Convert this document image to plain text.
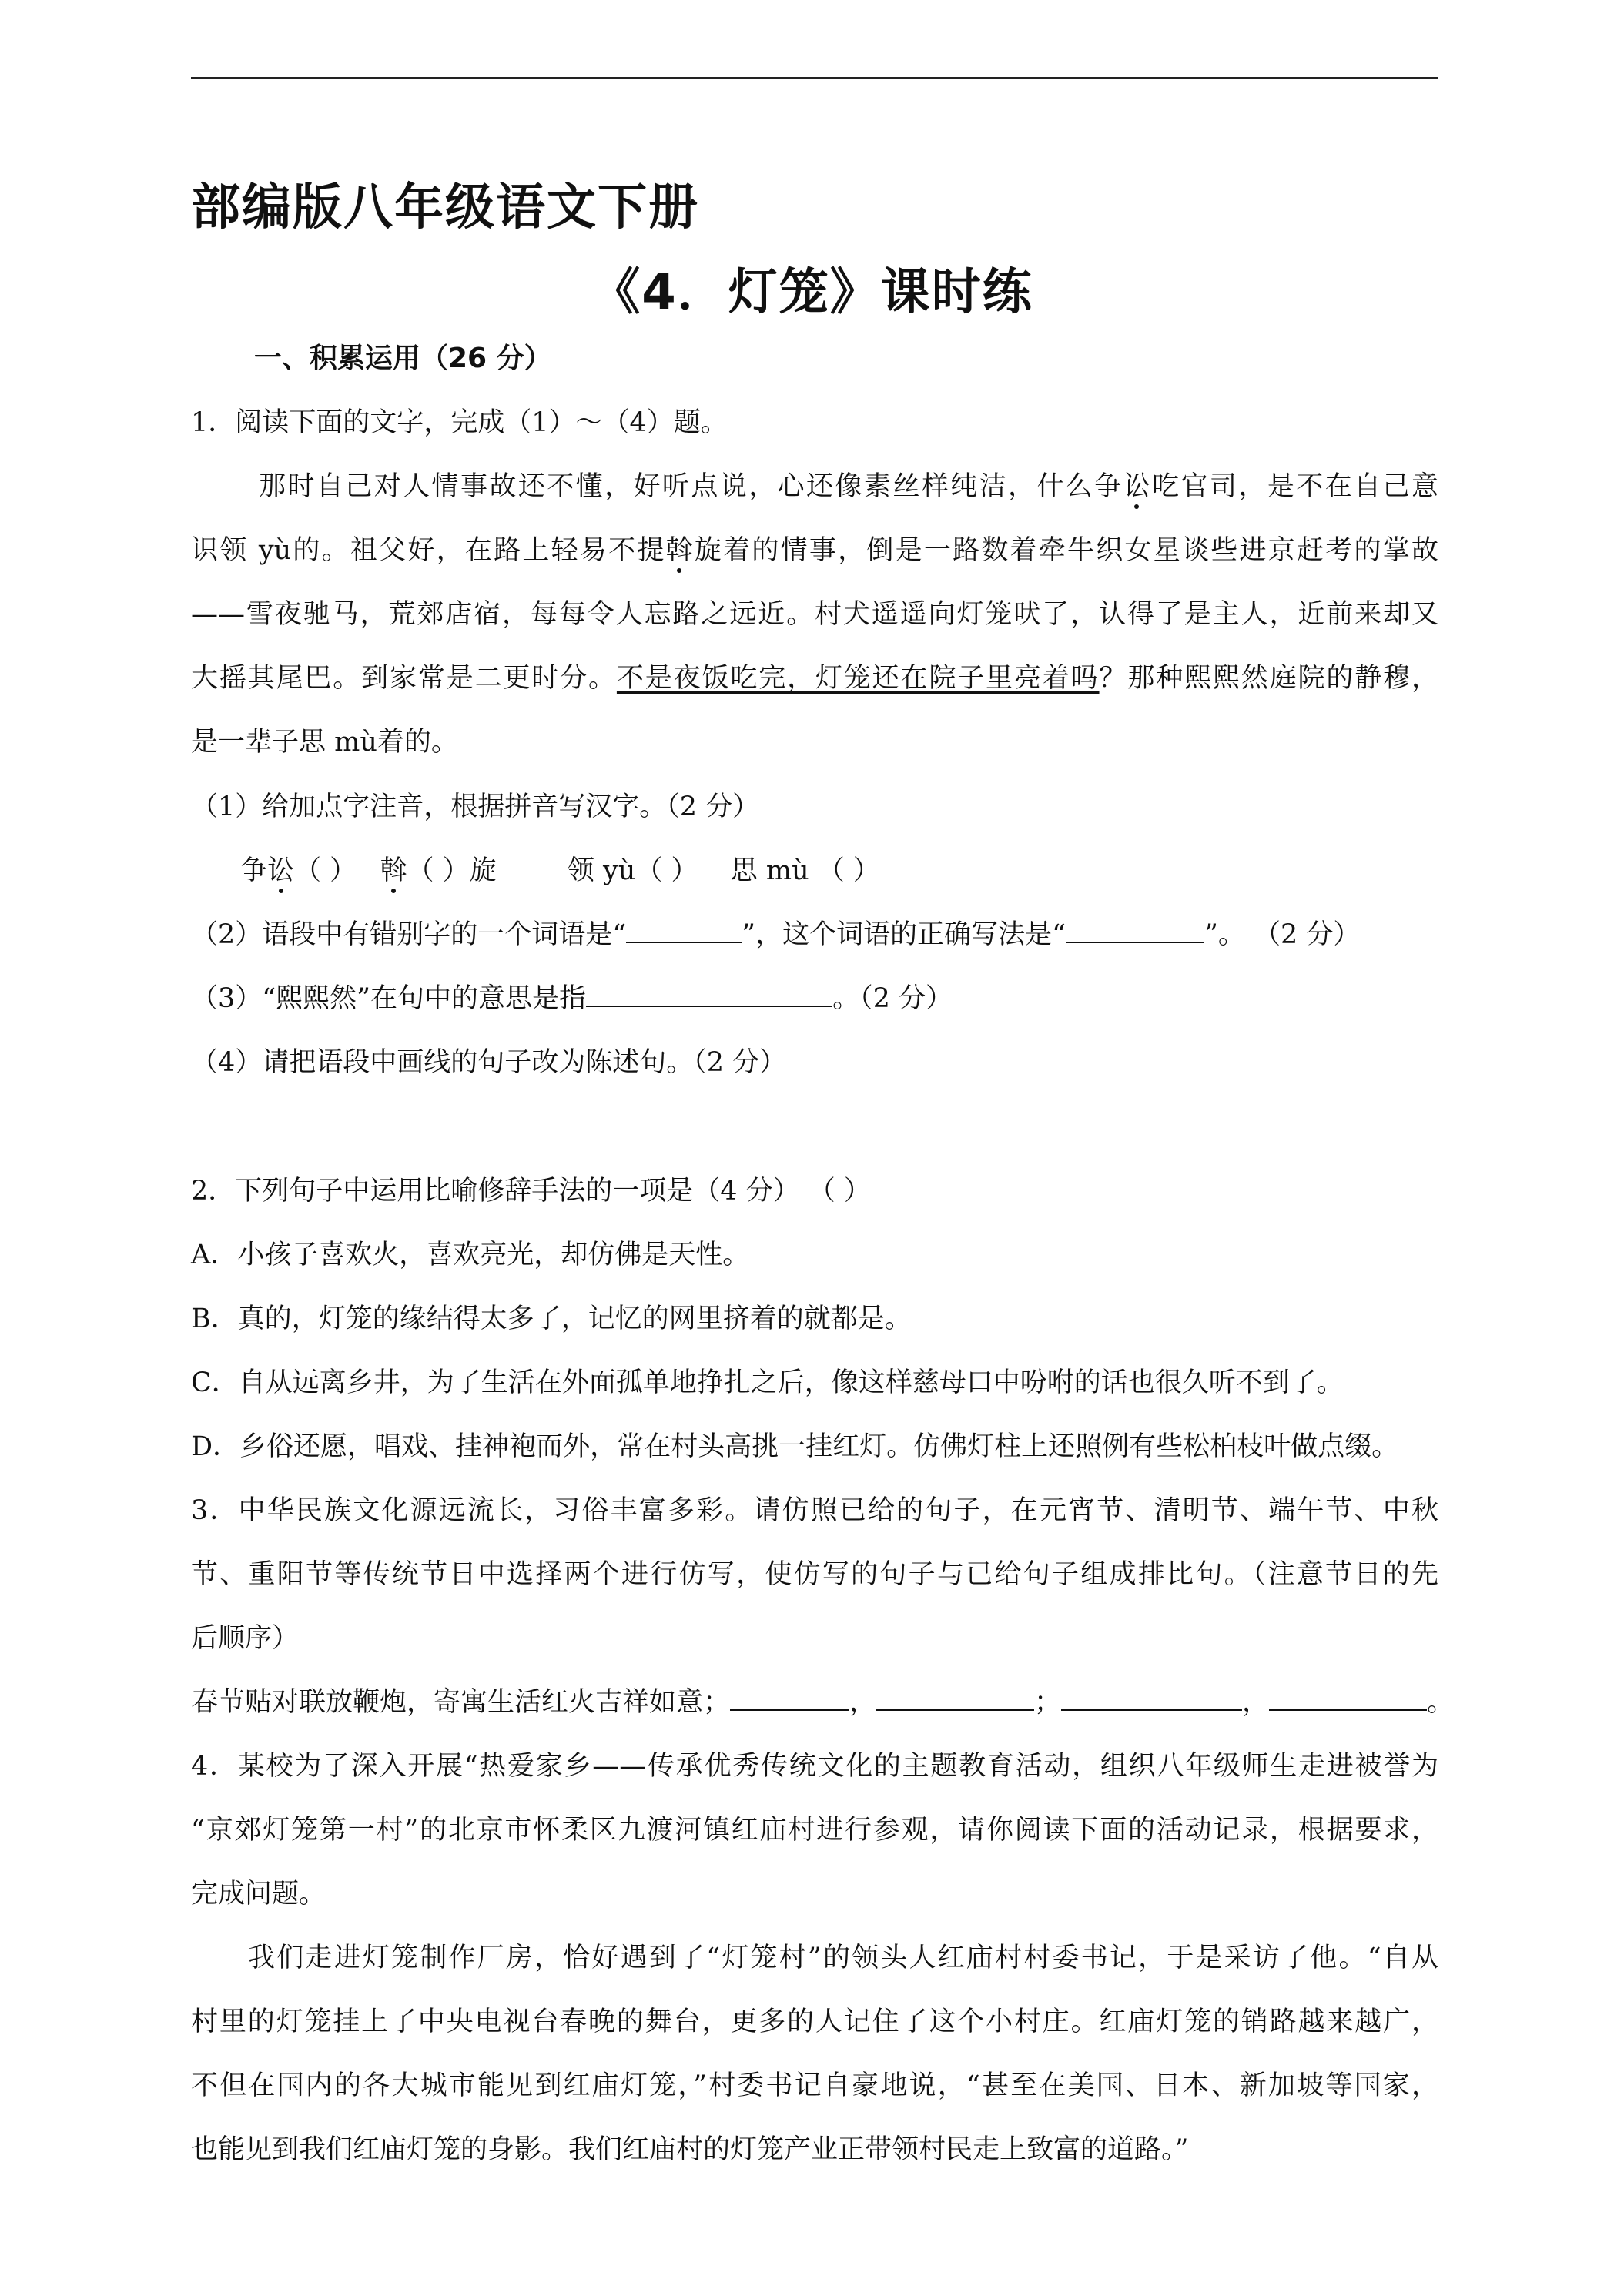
部编版八年级语文下册
《4．灯笼》课时练
一、积累运用（26 分）
1．阅读下面的文字，完成（1）～（4）题。
那时自己对人情事故还不懂，好听点说，心还像素丝样纯洁，什么争讼吃官司，是不在自己意
识领 yù的。祖父好，在路上轻易不提斡旋着的情事，倒是一路数着牵牛织女星谈些进京赶考的掌故
——雪夜驰马，荒郊店宿，每每令人忘路之远近。村犬遥遥向灯笼吠了，认得了是主人，近前来却又
大摇其尾巴。到家常是二更时分。不是夜饭吃完，灯笼还在院子里亮着吗？那种熙熙然庭院的静穆，
是一辈子思 mù着的。
（1）给加点字注音，根据拼音写汉字。（2 分）
争讼（ ） 斡（ ）旋	领 yù（ ） 思 mù （ ）
（2）语段中有错别字的一个词语是“	”，这个词语的正确写法是“	”。 （2 分）
（3）“熙熙然”在句中的意思是指	。（2 分）
（4）请把语段中画线的句子改为陈述句。（2 分）
2．下列句子中运用比喻修辞手法的一项是（4 分） （ ）
A．小孩子喜欢火，喜欢亮光，却仿佛是天性。
B．真的，灯笼的缘结得太多了，记忆的网里挤着的就都是。
C．自从远离乡井，为了生活在外面孤单地挣扎之后，像这样慈母口中吩咐的话也很久听不到了。
D．乡俗还愿，唱戏、挂神袍而外，常在村头高挑一挂红灯。仿佛灯柱上还照例有些松柏枝叶做点缀。
3．中华民族文化源远流长，习俗丰富多彩。请仿照已给的句子，在元宵节、清明节、端午节、中秋
节、重阳节等传统节日中选择两个进行仿写，使仿写的句子与已给句子组成排比句。（注意节日的先
后顺序）
春节贴对联放鞭炮，寄寓生活红火吉祥如意；	，	；	，	。
4．某校为了深入开展“热爱家乡——传承优秀传统文化的主题教育活动，组织八年级师生走进被誉为
“京郊灯笼第一村”的北京市怀柔区九渡河镇红庙村进行参观，请你阅读下面的活动记录，根据要求，
完成问题。
我们走进灯笼制作厂房，恰好遇到了“灯笼村”的领头人红庙村村委书记，于是采访了他。“自从
村里的灯笼挂上了中央电视台春晚的舞台，更多的人记住了这个小村庄。红庙灯笼的销路越来越广，
不但在国内的各大城市能见到红庙灯笼，”村委书记自豪地说，“甚至在美国、日本、新加坡等国家，
也能见到我们红庙灯笼的身影。我们红庙村的灯笼产业正带领村民走上致富的道路。”
